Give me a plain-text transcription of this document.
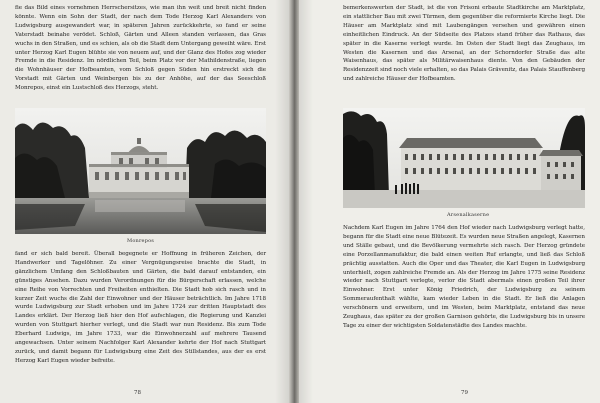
fie das Bild eines vornehmen Herrschersitzes, wie man ihn weit und breit nicht finden könnte. Wenn ein Sohn der Stadt, der nach dem Tode Herzog Karl Alexanders von Ludwigsburg ausgewandert war, in späteren Jahren zurückkehrte, so fand er seine Vaterstadt beinahe verödet. Schloß, Gärten und Alleen standen verlassen, das Gras wuchs in den Straßen, und es schien, als ob die Stadt dem Untergang geweiht wäre. Erst unter Herzog Karl Eugen blühte sie von neuem auf, und der Glanz des Hofes zog wieder Fremde in die Residenz. Im nördlichen Teil, beim Platz vor der Mathildenstraße, liegen die Wohnhäuser der Hofbeamten, vom Schloß gegen Süden hin erstreckt sich die Vorstadt mit Gärten und Weinbergen bis zu der Anhöhe, auf der das Seeschloß Monrepos, einst ein Lustschloß des Herzogs, steht.

Monrepos

fand er sich bald bereit. Überall begegnete er Hoffnung in früheren Zeichen, der Handwerker und Tagelöhner. Zu einer Vergnügungsreise brachte die Stadt, in gänzlichem Umfang den Schloßbauten und Gärten, die bald darauf entstanden, ein günstiges Ansehen. Dazu wurden Verordnungen für die Bürgerschaft erlassen, welche eine Reihe von Vorrechten und Freiheiten enthielten. Die Stadt hob sich rasch und in kurzer Zeit wuchs die Zahl der Einwohner und der Häuser beträchtlich. Im Jahre 1718 wurde Ludwigsburg zur Stadt erhoben und im Jahre 1724 zur dritten Hauptstadt des Landes erklärt. Der Herzog ließ hier den Hof aufschlagen, die Regierung und Kanzlei wurden von Stuttgart hierher verlegt, und die Stadt war nun Residenz. Bis zum Tode Eberhard Ludwigs, im Jahre 1733, war die Einwohnerzahl auf mehrere Tausend angewachsen. Unter seinem Nachfolger Karl Alexander kehrte der Hof nach Stuttgart zurück, und damit begann für Ludwigsburg eine Zeit des Stillstandes, aus der es erst Herzog Karl Eugen wieder befreite.

78

bemerkenswerten der Stadt, ist die von Frisoni erbaute Stadtkirche am Marktplatz, ein stattlicher Bau mit zwei Türmen, dem gegenüber die reformierte Kirche liegt. Die Häuser am Marktplatz sind mit Laubengängen versehen und gewähren einen einheitlichen Eindruck. An der Südseite des Platzes stand früher das Rathaus, das später in die Kaserne verlegt wurde. Im Osten der Stadt liegt das Zeughaus, im Westen die Kasernen und das Arsenal, an der Schorndorfer Straße das alte Waisenhaus, das später als Militärwaisenhaus diente. Von den Gebäuden der Residenzzeit sind noch viele erhalten, so das Palais Grävenitz, das Palais Stauffenberg und zahlreiche Häuser der Hofbeamten.

Arsenalkaserne

Nachdem Karl Eugen im Jahre 1764 den Hof wieder nach Ludwigsburg verlegt hatte, begann für die Stadt eine neue Blütezeit. Es wurden neue Straßen angelegt, Kasernen und Ställe gebaut, und die Bevölkerung vermehrte sich rasch. Der Herzog gründete eine Porzellanmanufaktur, die bald einen weiten Ruf erlangte, und ließ das Schloß prächtig ausstatten. Auch die Oper und das Theater, die Karl Eugen in Ludwigsburg unterhielt, zogen zahlreiche Fremde an. Als der Herzog im Jahre 1775 seine Residenz wieder nach Stuttgart verlegte, verlor die Stadt abermals einen großen Teil ihrer Einwohner. Erst unter König Friedrich, der Ludwigsburg zu seinem Sommeraufenthalt wählte, kam wieder Leben in die Stadt. Er ließ die Anlagen verschönern und erweitern, und im Westen, beim Marktplatz, entstand das neue Zeughaus, das später zu der großen Garnison gehörte, die Ludwigsburg bis in unsere Tage zu einer der wichtigsten Soldatenstädte des Landes machte.

79
